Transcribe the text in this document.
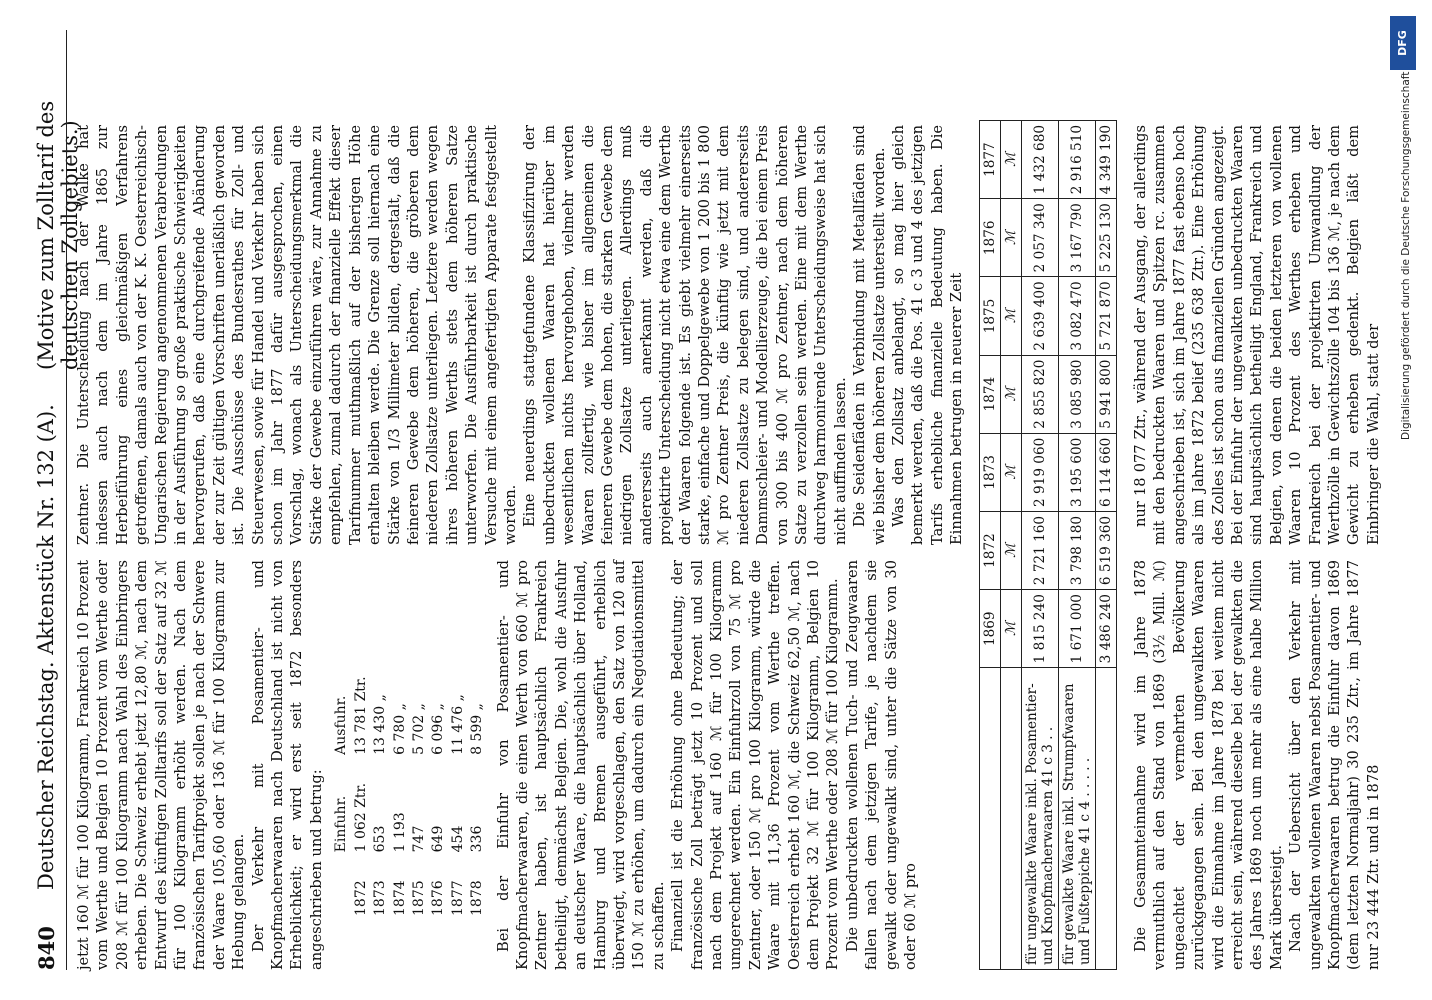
840
Deutscher Reichstag. Aktenstück Nr. 132 (A).
(Motive zum Zolltarif des deutschen Zollgebiets.)

jetzt 160 ℳ für 100 Kilogramm, Frankreich 10 Prozent vom Werthe und Belgien 10 Prozent vom Werthe oder 208 ℳ für 100 Kilogramm nach Wahl des Einbringers erheben. Die Schweiz erhebt jetzt 12,80 ℳ, nach dem Entwurf des künftigen Zolltarifs soll der Satz auf 32 ℳ für 100 Kilogramm erhöht werden. Nach dem französischen Tarifprojekt sollen je nach der Schwere der Waare 105,60 oder 136 ℳ für 100 Kilogramm zur Hebung gelangen. Der Verkehr mit Posamentier- und Knopfmacherwaaren nach Deutschland ist nicht von Erheblichkeit; er wird erst seit 1872 besonders angeschrieben und betrug:

	Einfuhr.	Ausfuhr.
1872	1 062 Ztr.	13 781 Ztr.
1873	653	13 430 „
1874	1 193	6 780 „
1875	747	5 702 „
1876	649	6 096 „
1877	454	11 476 „
1878	336	8 599 „ Bei der Einfuhr von Posamentier- und Knopfmacherwaaren, die einen Werth von 660 ℳ pro Zentner haben, ist hauptsächlich Frankreich betheiligt, demnächst Belgien. Die, wohl die Ausfuhr an deutscher Waare, die hauptsächlich über Holland, Hamburg und Bremen ausgeführt, erheblich überwiegt, wird vorgeschlagen, den Satz von 120 auf 150 ℳ zu erhöhen, um dadurch ein Negotiationsmittel zu schaffen. Finanziell ist die Erhöhung ohne Bedeutung; der französische Zoll beträgt jetzt 10 Prozent und soll nach dem Projekt auf 160 ℳ für 100 Kilogramm umgerechnet werden. Ein Einfuhrzoll von 75 ℳ pro Zentner, oder 150 ℳ pro 100 Kilogramm, würde die Waare mit 11,36 Prozent vom Werthe treffen. Oesterreich erhebt 160 ℳ, die Schweiz 62,50 ℳ, nach dem Projekt 32 ℳ für 100 Kilogramm, Belgien 10 Prozent vom Werthe oder 208 ℳ für 100 Kilogramm. Die unbedruckten wollenen Tuch- und Zeugwaaren fallen nach dem jetzigen Tarife, je nachdem sie gewalkt oder ungewalkt sind, unter die Sätze von 30 oder 60 ℳ pro

Zentner. Die Unterscheidung nach der Walke hat indessen auch nach dem im Jahre 1865 zur Herbeiführung eines gleichmäßigen Verfahrens getroffenen, damals auch von der K. K. Oesterreichisch-Ungarischen Regierung angenommenen Verabredungen in der Ausführung so große praktische Schwierigkeiten hervorgerufen, daß eine durchgreifende Abänderung der zur Zeit gültigen Vorschriften unerläßlich geworden ist. Die Ausschüsse des Bundesrathes für Zoll- und Steuerwesen, sowie für Handel und Verkehr haben sich schon im Jahr 1877 dafür ausgesprochen, einen Vorschlag, wonach als Unterscheidungsmerkmal die Stärke der Gewebe einzuführen wäre, zur Annahme zu empfehlen, zumal dadurch der finanzielle Effekt dieser Tarifnummer muthmaßlich auf der bisherigen Höhe erhalten bleiben werde. Die Grenze soll hiernach eine Stärke von 1/3 Millimeter bilden, dergestalt, daß die feineren Gewebe dem höheren, die gröberen dem niederen Zollsatze unterliegen. Letztere werden wegen ihres höheren Werths stets dem höheren Satze unterworfen. Die Ausführbarkeit ist durch praktische Versuche mit einem angefertigten Apparate festgestellt worden. Eine neuerdings stattgefundene Klassifizirung der unbedruckten wollenen Waaren hat hierüber im wesentlichen nichts hervorgehoben, vielmehr werden Waaren zollfertig, wie bisher im allgemeinen die feineren Gewebe dem hohen, die starken Gewebe dem niedrigen Zollsatze unterliegen. Allerdings muß andererseits auch anerkannt werden, daß die projektirte Unterscheidung nicht etwa eine dem Werthe der Waaren folgende ist. Es giebt vielmehr einerseits starke, einfache und Doppelgewebe von 1 200 bis 1 800 ℳ pro Zentner Preis, die künftig wie jetzt mit dem niederen Zollsatze zu belegen sind, und andererseits Dammschleier- und Modellierzeuge, die bei einem Preis von 300 bis 400 ℳ pro Zentner, nach dem höheren Satze zu verzollen sein werden. Eine mit dem Werthe durchweg harmonirende Unterscheidungsweise hat sich nicht auffinden lassen. Die Seidenfäden in Verbindung mit Metallfäden sind wie bisher dem höheren Zollsatze unterstellt worden. Was den Zollsatz anbelangt, so mag hier gleich bemerkt werden, daß die Pos. 41 c 3 und 4 des jetzigen Tarifs erhebliche finanzielle Bedeutung haben. Die Einnahmen betrugen in neuerer Zeit

	1869	1872	1873	1874	1875	1876	1877
	ℳ	ℳ	ℳ	ℳ	ℳ	ℳ	ℳ
für ungewalkte Waare inkl. Posamentier- und Knopfmacherwaaren 41 c 3 . .	1 815 240	2 721 160	2 919 060	2 855 820	2 639 400	2 057 340	1 432 680
für gewalkte Waare inkl. Strumpfwaaren und Fußteppiche 41 c 4 . . . . .	1 671 000	3 798 180	3 195 600	3 085 980	3 082 470	3 167 790	2 916 510
	3 486 240	6 519 360	6 114 660	5 941 800	5 721 870	5 225 130	4 349 190

Die Gesammteinnahme wird im Jahre 1878 vermuthlich auf den Stand von 1869 (3½ Mill. ℳ) ungeachtet der vermehrten Bevölkerung zurückgegangen sein. Bei den ungewalkten Waaren wird die Einnahme im Jahre 1878 bei weitem nicht erreicht sein, während dieselbe bei der gewalkten die des Jahres 1869 noch um mehr als eine halbe Million Mark übersteigt. Nach der Uebersicht über den Verkehr mit ungewalkten wollenen Waaren nebst Posamentier- und Knopfmacherwaaren betrug die Einfuhr davon 1869 (dem letzten Normaljahr) 30 235 Ztr., im Jahre 1877 nur 23 444 Ztr. und in 1878

nur 18 077 Ztr., während der Ausgang, der allerdings mit den bedruckten Waaren und Spitzen rc. zusammen angeschrieben ist, sich im Jahre 1877 fast ebenso hoch als im Jahre 1872 belief (235 638 Ztr.). Eine Erhöhung des Zolles ist schon aus finanziellen Gründen angezeigt. Bei der Einfuhr der ungewalkten unbedruckten Waaren sind hauptsächlich betheiligt England, Frankreich und Belgien, von denen die beiden letzteren von wollenen Waaren 10 Prozent des Werthes erheben und Frankreich bei der projektirten Umwandlung der Werthzölle in Gewichtszölle 104 bis 136 ℳ, je nach dem Gewicht zu erheben gedenkt. Belgien läßt dem Einbringer die Wahl, statt der Digitalisierung gefördert durch die Deutsche Forschungsgemeinschaft
DFG
